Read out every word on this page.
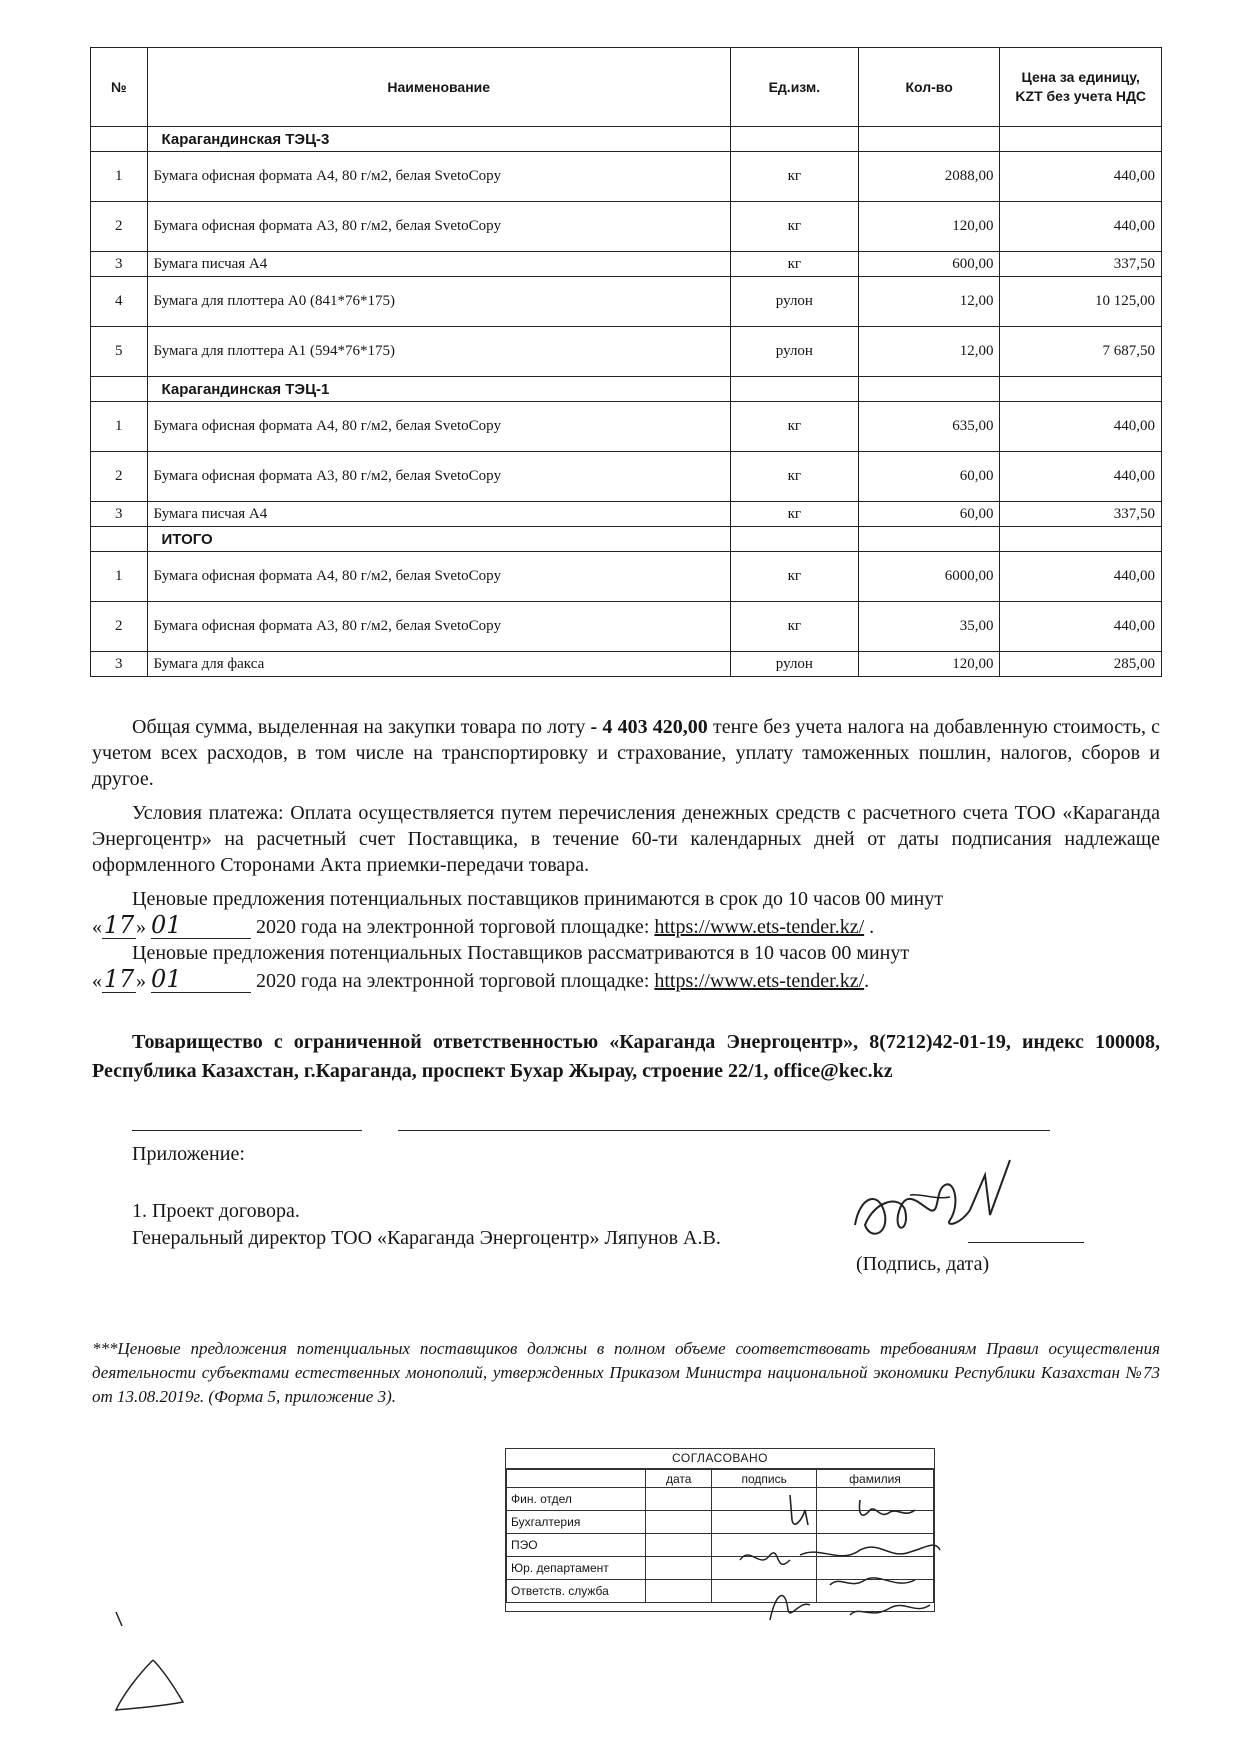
№	Наименование	Ед.изм.	Кол-во	Цена за единицу, KZT без учета НДС
	Карагандинская ТЭЦ-3			
1	Бумага офисная формата А4, 80 г/м2, белая SvetoCopy	кг	2088,00	440,00
2	Бумага офисная формата А3, 80 г/м2, белая SvetoCopy	кг	120,00	440,00
3	Бумага писчая А4	кг	600,00	337,50
4	Бумага для плоттера А0 (841*76*175)	рулон	12,00	10 125,00
5	Бумага для плоттера А1 (594*76*175)	рулон	12,00	7 687,50
	Карагандинская ТЭЦ-1			
1	Бумага офисная формата А4, 80 г/м2, белая SvetoCopy	кг	635,00	440,00
2	Бумага офисная формата А3, 80 г/м2, белая SvetoCopy	кг	60,00	440,00
3	Бумага писчая А4	кг	60,00	337,50
	ИТОГО			
1	Бумага офисная формата А4, 80 г/м2, белая SvetoCopy	кг	6000,00	440,00
2	Бумага офисная формата А3, 80 г/м2, белая SvetoCopy	кг	35,00	440,00
3	Бумага для факса	рулон	120,00	285,00
Общая сумма, выделенная на закупки товара по лоту - 4 403 420,00 тенге без учета налога на добавленную стоимость, с учетом всех расходов, в том числе на транспортировку и страхование, уплату таможенных пошлин, налогов, сборов и другое.
Условия платежа: Оплата осуществляется путем перечисления денежных средств с расчетного счета ТОО «Караганда Энергоцентр» на расчетный счет Поставщика, в течение 60-ти календарных дней от даты подписания надлежаще оформленного Сторонами Акта приемки-передачи товара.
Ценовые предложения потенциальных поставщиков принимаются в срок до 10 часов 00 минут
«17» 01	2020 года на электронной торговой площадке: https://www.ets-tender.kz/ .
Ценовые предложения потенциальных Поставщиков рассматриваются в 10 часов 00 минут
«17» 01	2020 года на электронной торговой площадке: https://www.ets-tender.kz/.
Товарищество с ограниченной ответственностью «Караганда Энергоцентр», 8(7212)42-01-19, индекс 100008, Республика Казахстан, г.Караганда, проспект Бухар Жырау, строение 22/1, office@kec.kz
Приложение:
1. Проект договора.
Генеральный директор ТОО «Караганда Энергоцентр» Ляпунов А.В.
(Подпись, дата)
***Ценовые предложения потенциальных поставщиков должны в полном объеме соответствовать требованиям Правил осуществления деятельности субъектами естественных монополий, утвержденных Приказом Министра национальной экономики Республики Казахстан №73 от 13.08.2019г. (Форма 5, приложение 3).
СОГЛАСОВАНО
	дата	подпись	фамилия
Фин. отдел			
Бухгалтерия			
ПЭО			
Юр. департамент			
Ответств. служба			
